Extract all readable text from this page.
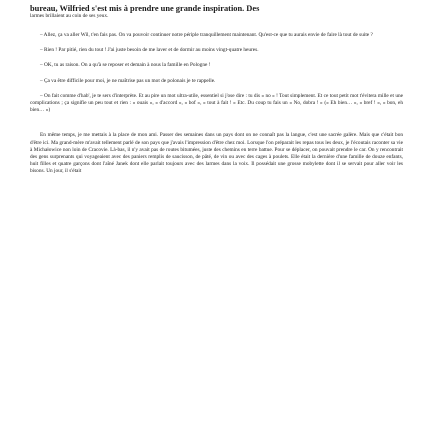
bureau, Wilfried s'est mis à prendre une grande inspiration. Des

larmes brillaient au coin de ses yeux.

– Allez, ça va aller Wil, t'en fais pas. On va pouvoir continuer notre périple tranquillement maintenant. Qu'est-ce que tu aurais envie de faire là tout de suite ?

– Rien ! Par pitié, rien du tout ! J'ai juste besoin de me laver et de dormir au moins vingt-quatre heures.

– OK, tu as raison. On a qu'à se reposer et demain à nous la famille en Pologne !

– Ça va être difficile pour moi, je ne maîtrise pas un mot de polonais je te rappelle.

– On fait comme d'hab', je te sers d'interprète. Et au pire un mot ultra-utile, essentiel si j'ose dire : tu dis « no » ! Tout simplement. Et ce tout petit mot t'évitera mille et une complications ; ça signifie un peu tout et rien : « ouais », « d'accord », « bof », « tout à fait ! » Etc. Du coup tu fais un « No, dobra ! » (« Eh bien… », « bref ! », « bon, eh bien… »)

En même temps, je me mettais à la place de mon ami. Passer des semaines dans un pays dont on ne connaît pas la langue, c'est une sacrée galère. Mais que c'était bon d'être ici. Ma grand-mère m'avait tellement parlé de son pays que j'avais l'impression d'être chez moi. Lorsque l'on préparait les repas tous les deux, je l'écoutais raconter sa vie à Michałowice non loin de Cracovie. Là-bas, il n'y avait pas de routes bitumées, juste des chemins en terre battue. Pour se déplacer, on pouvait prendre le car. On y rencontrait des gens surprenants qui voyageaient avec des paniers remplis de saucisson, de pâté, de vin ou avec des cages à poulets. Elle était la dernière d'une famille de douze enfants, huit filles et quatre garçons dont l'aîné Janek dont elle parlait toujours avec des larmes dans la voix. Il possédait une grosse mobylette dont il se servait pour aller voir les bisons. Un jour, il s'était
